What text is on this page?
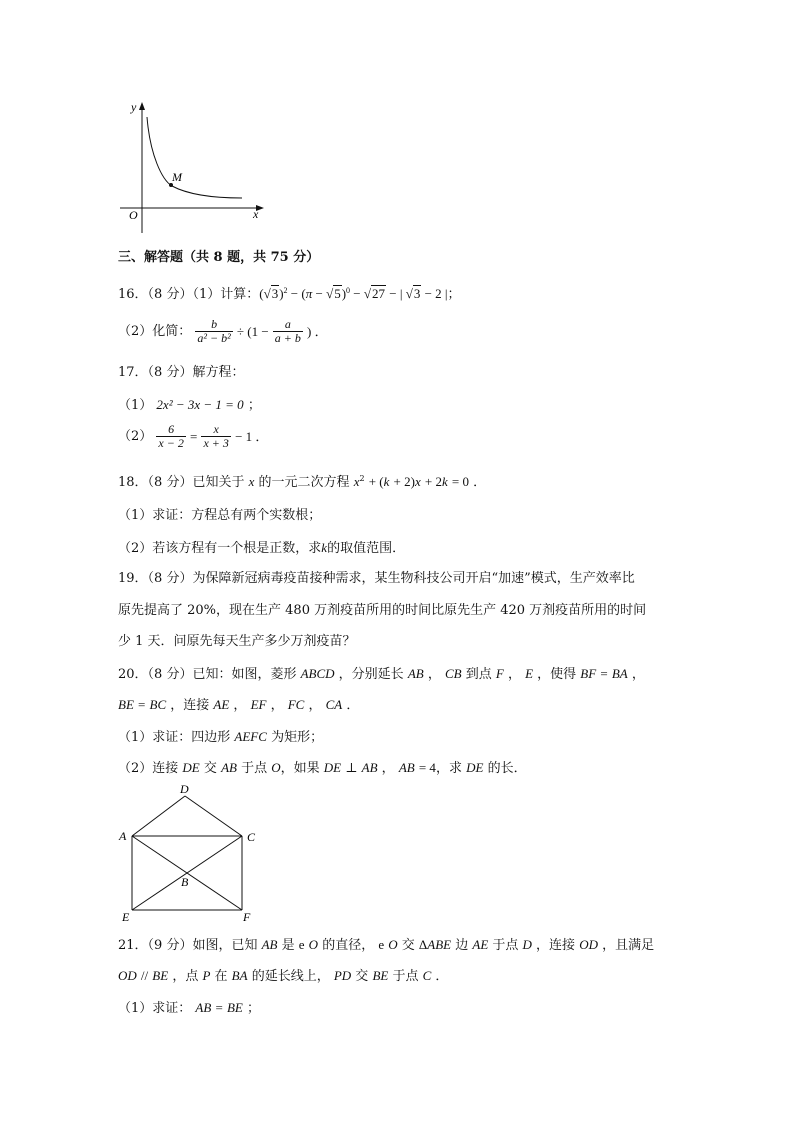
y
x
O
M
三、解答题（共 8 题，共 75 分）
16．（8 分）（1）计算：$(√3)^2 - (\pi - √5)^0 - √27$ − | √3 − 2 |；
（2）化简： $\frac{b}{\text{a² − b²}} \div (1 - \frac{a}{a + b}$ ) ．
17．（8 分）解方程：
（1） 2x² − 3x − 1 = 0 ；
$(2) \frac{6}{x - 2} = \frac{x}{x + 3} - 1$ ．
18．（8 分）已知关于 x 的一元二次方程 $x^2 + (k + 2)x + 2k = 0$ ．
（1）求证：方程总有两个实数根；
（2）若该方程有一个根是正数，求k的取值范围．
19．（8 分）为保障新冠病毒疫苗接种需求，某生物科技公司开启“加速”模式，生产效率比
原先提高了 20%，现在生产 480 万剂疫苗所用的时间比原先生产 420 万剂疫苗所用的时间
少 1 天．问原先每天生产多少万剂疫苗？
20．（8 分）已知：如图，菱形 ABCD ，分别延长 AB ， CB 到点 F ， E ，使得 BF = BA ，
BE = BC ，连接 AE ， EF ， FC ， CA ．
（1）求证：四边形 AEFC 为矩形；
（2）连接 DE 交 AB 于点 O，如果 DE ⊥ AB ， AB = 4，求 DE 的长．
D
A	C
B
E	F
21．（9 分）如图，已知 AB 是 e O 的直径， e O 交 ΔABE 边 AE 于点 D ，连接 OD ，且满足
OD // BE ，点 P 在 BA 的延长线上， PD 交 BE 于点 C ．
（1）求证： AB = BE ；
